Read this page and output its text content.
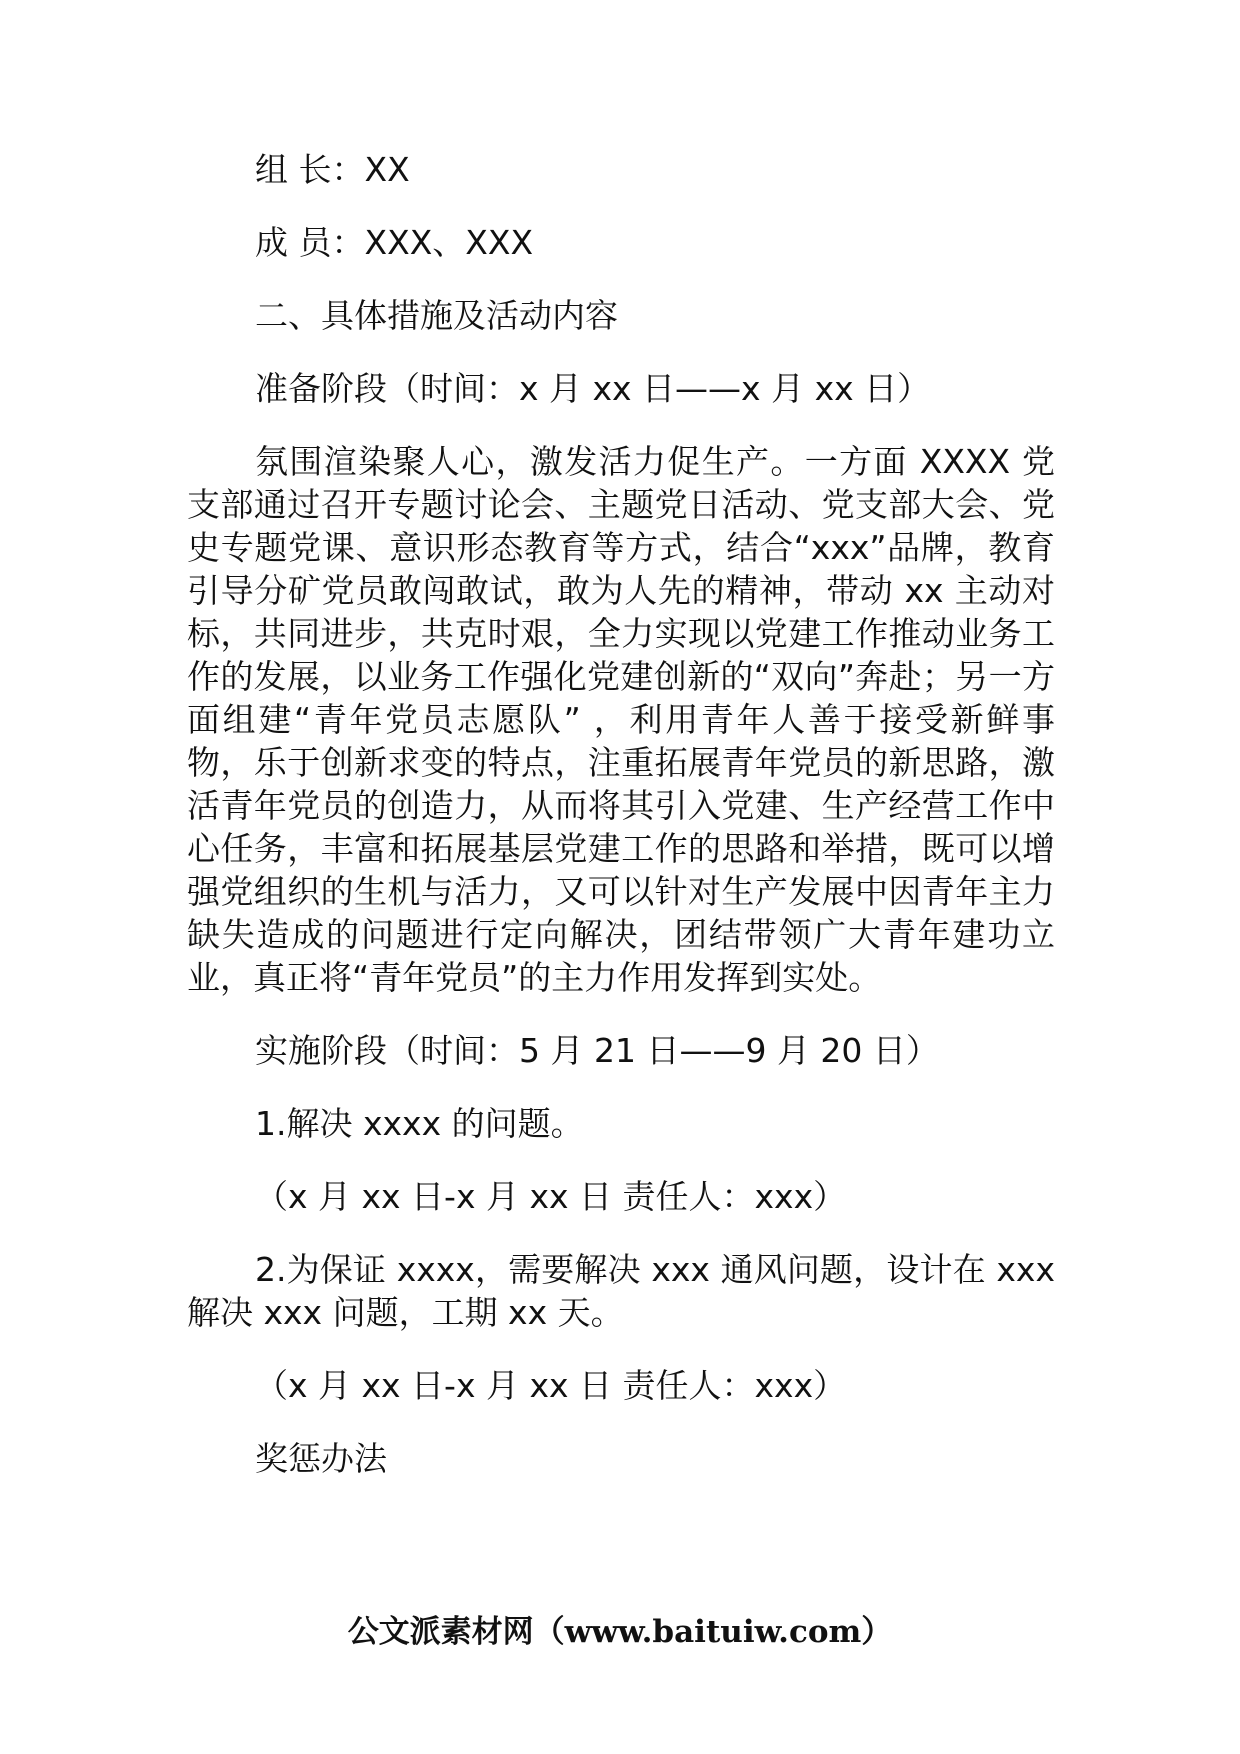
组 长：XX
成 员：XXX、XXX
二、具体措施及活动内容
准备阶段（时间：x 月 xx 日——x 月 xx 日）
氛围渲染聚人心，激发活力促生产。一方面 XXXX 党支部通过召开专题讨论会、主题党日活动、党支部大会、党史专题党课、意识形态教育等方式，结合“xxx”品牌，教育引导分矿党员敢闯敢试，敢为人先的精神，带动 xx 主动对标，共同进步，共克时艰，全力实现以党建工作推动业务工作的发展，以业务工作强化党建创新的“双向”奔赴；另一方面组建“青年党员志愿队” ，利用青年人善于接受新鲜事物，乐于创新求变的特点，注重拓展青年党员的新思路，激活青年党员的创造力，从而将其引入党建、生产经营工作中心任务，丰富和拓展基层党建工作的思路和举措，既可以增强党组织的生机与活力，又可以针对生产发展中因青年主力缺失造成的问题进行定向解决，团结带领广大青年建功立业，真正将“青年党员”的主力作用发挥到实处。
实施阶段（时间：5 月 21 日——9 月 20 日）
1.解决 xxxx 的问题。
（x 月 xx 日-x 月 xx 日 责任人：xxx）
2.为保证 xxxx，需要解决 xxx 通风问题，设计在 xxx 解决 xxx 问题，工期 xx 天。
（x 月 xx 日-x 月 xx 日 责任人：xxx）
奖惩办法
公文派素材网（www.baituiw.com）
